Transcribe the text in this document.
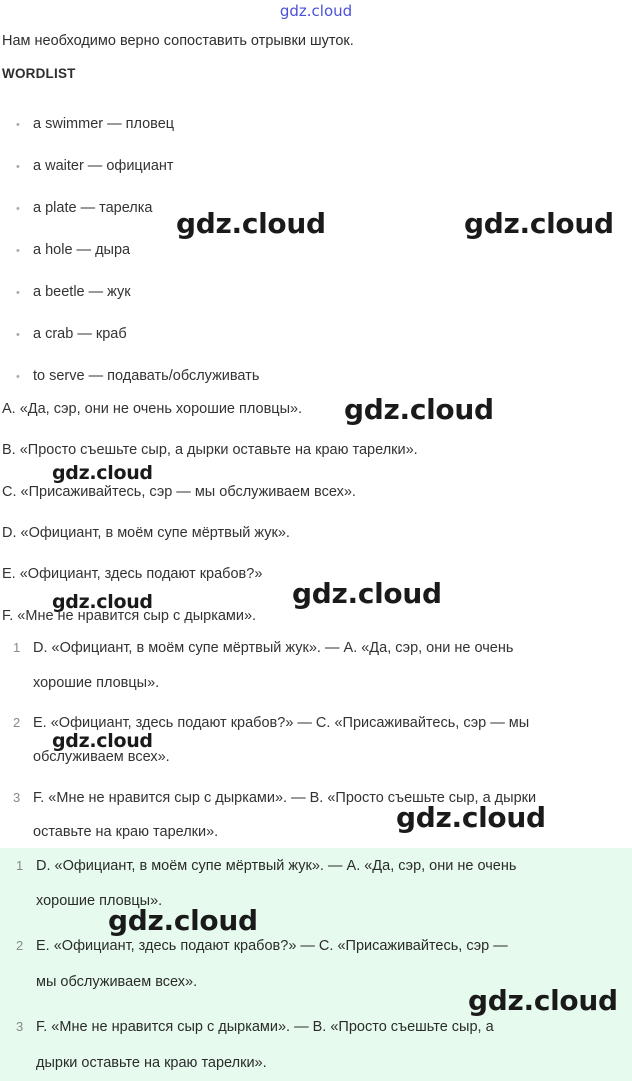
gdz.cloud
Нам необходимо верно сопоставить отрывки шуток.
WORDLIST
• a swimmer — пловец
• a waiter — официант
• a plate — тарелка
• a hole — дыра
• a beetle — жук
• a crab — краб
• to serve — подавать/обслуживать
A. «Да, сэр, они не очень хорошие пловцы».
B. «Просто съешьте сыр, а дырки оставьте на краю тарелки».
C. «Присаживайтесь, сэр — мы обслуживаем всех».
D. «Официант, в моём супе мёртвый жук».
E. «Официант, здесь подают крабов?»
F. «Мне не нравится сыр с дырками».
1 D. «Официант, в моём супе мёртвый жук». — A. «Да, сэр, они не очень
хорошие пловцы».
2 E. «Официант, здесь подают крабов?» — C. «Присаживайтесь, сэр — мы
обслуживаем всех».
3 F. «Мне не нравится сыр с дырками». — B. «Просто съешьте сыр, а дырки
оставьте на краю тарелки».
1 D. «Официант, в моём супе мёртвый жук». — A. «Да, сэр, они не очень
хорошие пловцы».
2 E. «Официант, здесь подают крабов?» — C. «Присаживайтесь, сэр —
мы обслуживаем всех».
3 F. «Мне не нравится сыр с дырками». — B. «Просто съешьте сыр, а
дырки оставьте на краю тарелки».
gdz.cloud	gdz.cloud
gdz.cloud
gdz.cloud
gdz.cloud
gdz.cloud
gdz.cloud
gdz.cloud
gdz.cloud
gdz.cloud
